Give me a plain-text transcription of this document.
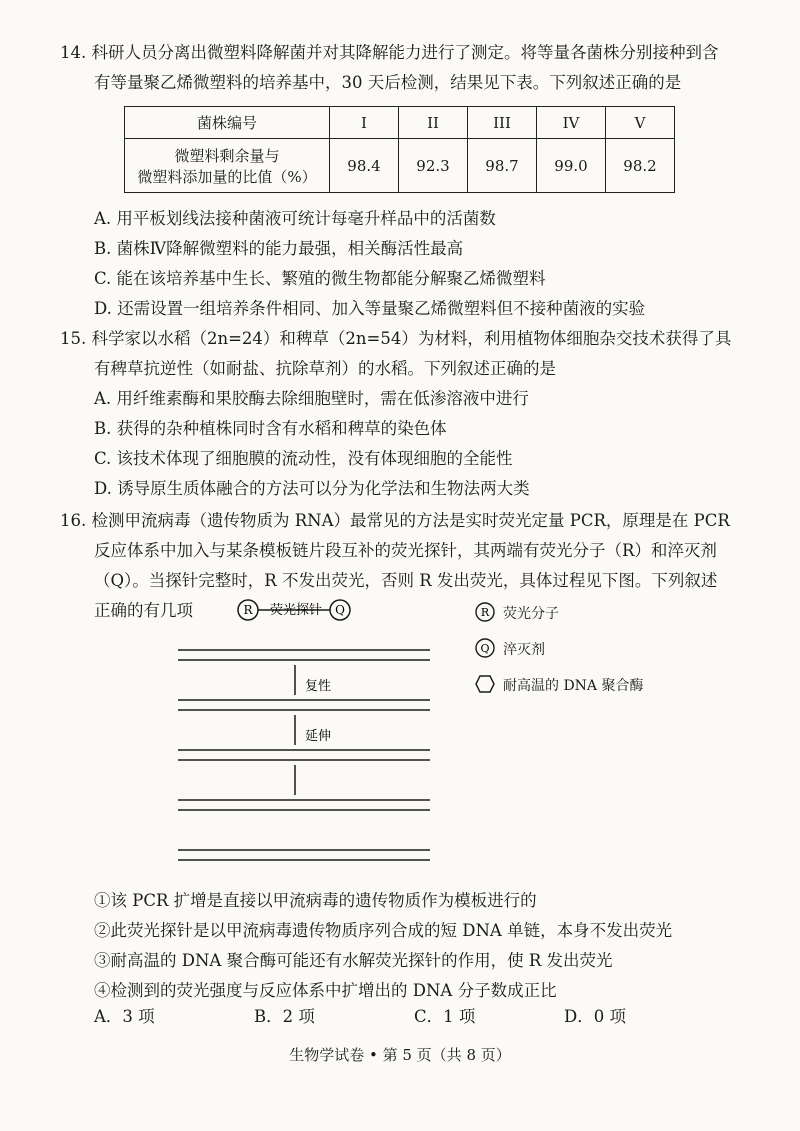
14. 科研人员分离出微塑料降解菌并对其降解能力进行了测定。将等量各菌株分别接种到含
有等量聚乙烯微塑料的培养基中，30 天后检测，结果见下表。下列叙述正确的是
菌株编号	I	II	III	IV	V

微塑料剩余量与
微塑料添加量的比值（%）	98.4	92.3	98.7	99.0	98.2
A. 用平板划线法接种菌液可统计每毫升样品中的活菌数
B. 菌株Ⅳ降解微塑料的能力最强，相关酶活性最高
C. 能在该培养基中生长、繁殖的微生物都能分解聚乙烯微塑料
D. 还需设置一组培养条件相同、加入等量聚乙烯微塑料但不接种菌液的实验
15. 科学家以水稻（2n=24）和稗草（2n=54）为材料，利用植物体细胞杂交技术获得了具
有稗草抗逆性（如耐盐、抗除草剂）的水稻。下列叙述正确的是
A. 用纤维素酶和果胶酶去除细胞壁时，需在低渗溶液中进行
B. 获得的杂种植株同时含有水稻和稗草的染色体
C. 该技术体现了细胞膜的流动性，没有体现细胞的全能性
D. 诱导原生质体融合的方法可以分为化学法和生物法两大类
16. 检测甲流病毒（遗传物质为 RNA）最常见的方法是实时荧光定量 PCR，原理是在 PCR
反应体系中加入与某条模板链片段互补的荧光探针，其两端有荧光分子（R）和淬灭剂
（Q）。当探针完整时，R 不发出荧光，否则 R 发出荧光，具体过程见下图。下列叙述
正确的有几项	R	Q
荧光探针
复性
延伸
R
Q
荧光分子
淬灭剂
耐高温的 DNA 聚合酶
①该 PCR 扩增是直接以甲流病毒的遗传物质作为模板进行的
②此荧光探针是以甲流病毒遗传物质序列合成的短 DNA 单链，本身不发出荧光
③耐高温的 DNA 聚合酶可能还有水解荧光探针的作用，使 R 发出荧光
④检测到的荧光强度与反应体系中扩增出的 DNA 分子数成正比
A．3 项	B．2 项	C．1 项	D．0 项
生物学试卷 • 第 5 页（共 8 页）
